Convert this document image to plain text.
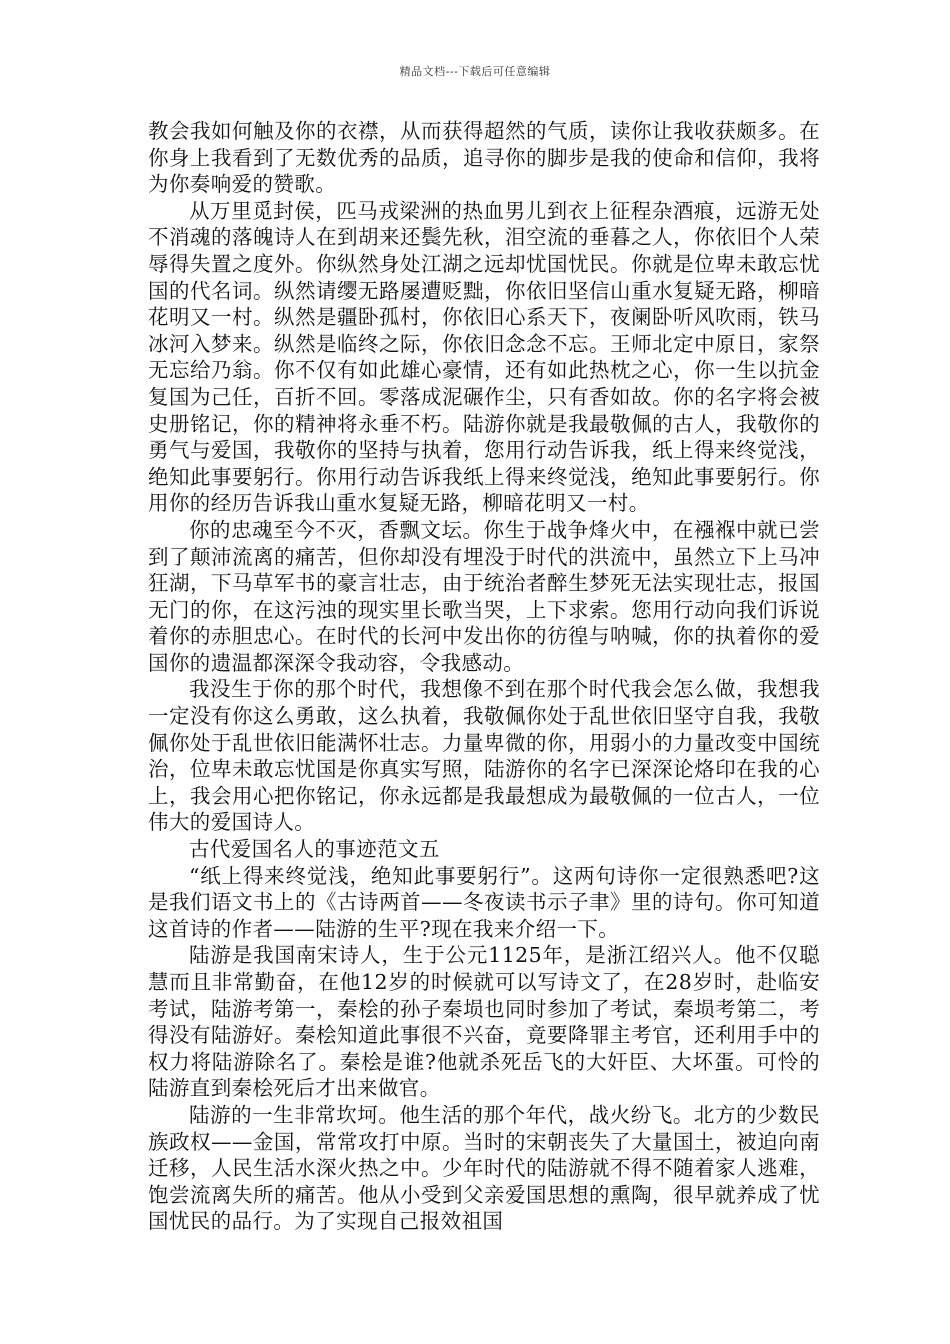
精品文档---下载后可任意编辑

教会我如何触及你的衣襟，从而获得超然的气质，读你让我收获颇多。在你身上我看到了无数优秀的品质，追寻你的脚步是我的使命和信仰，我将为你奏响爱的赞歌。

从万里觅封侯，匹马戎梁洲的热血男儿到衣上征程杂酒痕，远游无处不消魂的落魄诗人在到胡来还鬓先秋，泪空流的垂暮之人，你依旧个人荣辱得失置之度外。你纵然身处江湖之远却忧国忧民。你就是位卑未敢忘忧国的代名词。纵然请缨无路屡遭贬黜，你依旧坚信山重水复疑无路，柳暗花明又一村。纵然是疆卧孤村，你依旧心系天下，夜阑卧听风吹雨，铁马冰河入梦来。纵然是临终之际，你依旧念念不忘。王师北定中原日，家祭无忘给乃翁。你不仅有如此雄心豪情，还有如此热枕之心，你一生以抗金复国为己任，百折不回。零落成泥碾作尘，只有香如故。你的名字将会被史册铭记，你的精神将永垂不朽。陆游你就是我最敬佩的古人，我敬你的勇气与爱国，我敬你的坚持与执着，您用行动告诉我，纸上得来终觉浅，绝知此事要躬行。你用行动告诉我纸上得来终觉浅，绝知此事要躬行。你用你的经历告诉我山重水复疑无路，柳暗花明又一村。

你的忠魂至今不灭，香飘文坛。你生于战争烽火中，在襁褓中就已尝到了颠沛流离的痛苦，但你却没有埋没于时代的洪流中，虽然立下上马冲狂湖，下马草军书的豪言壮志，由于统治者醉生梦死无法实现壮志，报国无门的你，在这污浊的现实里长歌当哭，上下求索。您用行动向我们诉说着你的赤胆忠心。在时代的长河中发出你的彷徨与呐喊，你的执着你的爱国你的遗温都深深令我动容，令我感动。

我没生于你的那个时代，我想像不到在那个时代我会怎么做，我想我一定没有你这么勇敢，这么执着，我敬佩你处于乱世依旧坚守自我，我敬佩你处于乱世依旧能满怀壮志。力量卑微的你，用弱小的力量改变中国统治，位卑未敢忘忧国是你真实写照，陆游你的名字已深深论烙印在我的心上，我会用心把你铭记，你永远都是我最想成为最敬佩的一位古人，一位伟大的爱国诗人。

古代爱国名人的事迹范文五

“纸上得来终觉浅，绝知此事要躬行”。这两句诗你一定很熟悉吧?这是我们语文书上的《古诗两首——冬夜读书示子聿》里的诗句。你可知道这首诗的作者——陆游的生平?现在我来介绍一下。

陆游是我国南宋诗人，生于公元1125年，是浙江绍兴人。他不仅聪慧而且非常勤奋，在他12岁的时候就可以写诗文了，在28岁时，赴临安考试，陆游考第一，秦桧的孙子秦埙也同时参加了考试，秦埙考第二，考得没有陆游好。秦桧知道此事很不兴奋，竟要降罪主考官，还利用手中的权力将陆游除名了。秦桧是谁?他就杀死岳飞的大奸臣、大坏蛋。可怜的陆游直到秦桧死后才出来做官。

陆游的一生非常坎坷。他生活的那个年代，战火纷飞。北方的少数民族政权——金国，常常攻打中原。当时的宋朝丧失了大量国土，被迫向南迁移，人民生活水深火热之中。少年时代的陆游就不得不随着家人逃难，饱尝流离失所的痛苦。他从小受到父亲爱国思想的熏陶，很早就养成了忧国忧民的品行。为了实现自己报效祖国
